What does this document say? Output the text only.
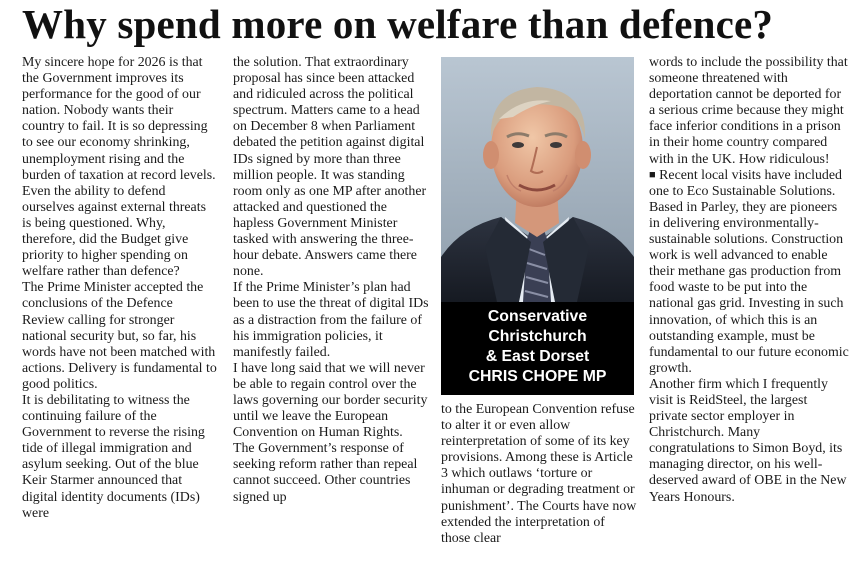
Why spend more on welfare than defence?

My sincere hope for 2026 is that the Government improves its performance for the good of our nation. Nobody wants their country to fail. It is so depressing to see our economy shrinking, unemployment rising and the burden of taxation at record levels.

Even the ability to defend ourselves against external threats is being questioned. Why, therefore, did the Budget give priority to higher spending on welfare rather than defence?

The Prime Minister accepted the conclusions of the Defence Review calling for stronger national security but, so far, his words have not been matched with actions. Delivery is fundamental to good politics.

It is debilitating to witness the continuing failure of the Government to reverse the rising tide of illegal immigration and asylum seeking. Out of the blue Keir Starmer announced that digital identity documents (IDs) were

the solution. That extraordinary proposal has since been attacked and ridiculed across the political spectrum. Matters came to a head on December 8 when Parliament debated the petition against digital IDs signed by more than three million people. It was standing room only as one MP after another attacked and questioned the hapless Government Minister tasked with answering the three-hour debate. Answers came there none.

If the Prime Minister’s plan had been to use the threat of digital IDs as a distraction from the failure of his immigration policies, it manifestly failed.

I have long said that we will never be able to regain control over the laws governing our border security until we leave the European Convention on Human Rights.

The Government’s response of seeking reform rather than repeal cannot succeed. Other countries signed up

Conservative
Christchurch
& East Dorset
CHRIS CHOPE MP

to the European Convention refuse to alter it or even allow reinterpretation of some of its key provisions. Among these is Article 3 which outlaws ‘torture or inhuman or degrading treatment or punishment’. The Courts have now extended the interpretation of those clear

words to include the possibility that someone threatened with deportation cannot be deported for a serious crime because they might face inferior conditions in a prison in their home country compared with in the UK. How ridiculous!

■ Recent local visits have included one to Eco Sustainable Solutions. Based in Parley, they are pioneers in delivering environmentally-sustainable solutions. Construction work is well advanced to enable their methane gas production from food waste to be put into the national gas grid. Investing in such innovation, of which this is an outstanding example, must be fundamental to our future economic growth.

Another firm which I frequently visit is ReidSteel, the largest private sector employer in Christchurch. Many congratulations to Simon Boyd, its managing director, on his well-deserved award of OBE in the New Years Honours.
